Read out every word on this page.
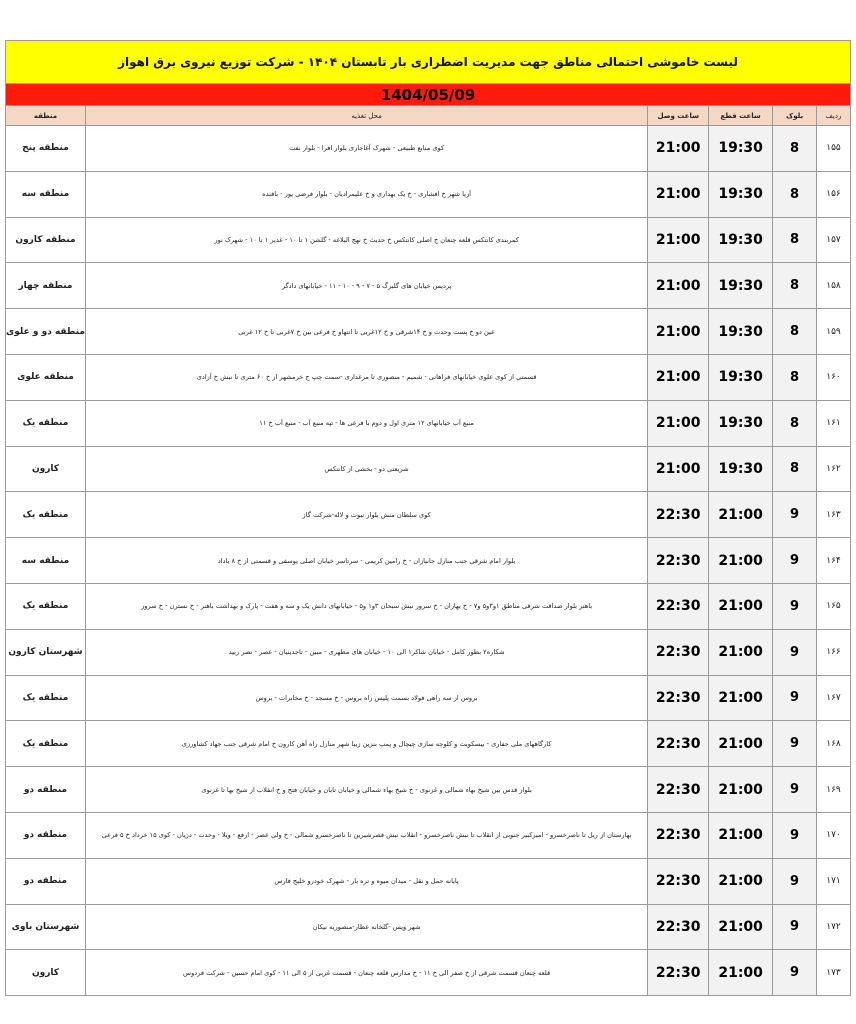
لیست خاموشی احتمالی مناطق جهت مدیریت اضطراری بار تابستان ۱۴۰۴ - شرکت توزیع نیروی برق اهواز
1404/05/09
ردیف
بلوک
ساعت قطع
ساعت وصل
محل تغذیه
منطقه
۱۵۵
8
19:30
21:00
کوی منابع طبیعی - شهرک آغاجاری بلوار افرا - بلوار نفت
منطقه پنج
۱۵۶
8
19:30
21:00
آریا شهر خ افشاری - خ یک بهداری و خ علیمرادیان - بلوار فرضی پور - بافنده
منطقه سه
۱۵۷
8
19:30
21:00
کمربندی کانتکس قلعه چنعان خ اصلی کانتکس خ حدیث خ نهج البلاغه - گلشن ۱ تا ۱۰ - غدیر ۱ تا ۱۰ - شهرک نور
منطقه کارون
۱۵۸
8
19:30
21:00
پردیس خیابان های گلبرگ ۵ - ۷ - ۹ - ۱۰ - ۱۱ - خیابانهای دادگر
منطقه چهار
۱۵۹
8
19:30
21:00
عین دو خ پست وحدت و خ ۱۴شرقی و خ ۱۲غربی تا انتهاو خ فرعی بین خ ۷غربی تا خ ۱۲ غربی
منطقه دو و علوی
۱۶۰
8
19:30
21:00
قسمتی از کوی علوی خیابانهای فراهانی - شمیم - منصوری تا مرغداری -سمت چپ ج خرمشهر از خ ۶۰ متری تا نبش خ آزادی
منطقه علوی
۱۶۱
8
19:30
21:00
منبع آب خیابانهای ۱۲ متری اول و دوم با فرعی ها - تپه منبع آب - منبع آب خ ۱۱
منطقه یک
۱۶۲
8
19:30
21:00
شریعتی دو - بخشی از کانتکس
کارون
۱۶۳
9
21:00
22:30
کوی سلطان منش بلوار نبوت و لاله-شرکت گاز
منطقه یک
۱۶۴
9
21:00
22:30
بلوار امام شرقی جنب منازل جانبازان - خ رامین کریمی - سرتاسر خیابان اصلی یوسفی و قسمتی از خ ۸ باداد
منطقه سه
۱۶۵
9
21:00
22:30
باهنر بلوار صداقت شرقی مناطق ۱و۳و۵ و۷ - خ بهاران - خ سرور نبش سبحان ۳و۱ و۵ - خیابانهای دانش یک و سه و هفت - پارک و بهداشت باهنر - خ نسترن - خ سرور
منطقه یک
۱۶۶
9
21:00
22:30
شکاره۲ بطور کامل - خیابان شاکر۱ الی ۱۰ - خیابان های مطهری - مبین - تاجدینیان - عصر - نصر زبید
شهرستان کارون
۱۶۷
9
21:00
22:30
بروس از سه راهی فولاد بسمت پلیس راه بروس - خ مسجد - خ مخابرات - بروس
منطقه یک
۱۶۸
9
21:00
22:30
کارگاههای ملی حفاری - بیسکویت و کلوچه سازی چیچال و پمپ بنزین زیبا شهر منازل راه آهن کارون خ امام شرقی جنب جهاد کشاورزی
منطقه یک
۱۶۹
9
21:00
22:30
بلوار قدس بین شیخ بهاء شمالی و غزنوی - خ شیخ بهاء شمالی و خیابان تابان و خیابان فتح و خ انقلاب از شیخ بها تا غزنوی
منطقه دو
۱۷۰
9
21:00
22:30
بهارستان از ریل تا ناصرخسرو - امیرکبیر جنوبی از انقلاب تا نبش ناصرخسرو - انقلاب نبش قصرشیرین تا ناصرخسرو شمالی - خ ولی عصر - ارفع - ویلا - وحدت - دزیان - کوی ۱۵ خرداد خ ۵ فرعی
منطقه دو
۱۷۱
9
21:00
22:30
پایانه حمل و نقل - میدان میوه و تره بار - شهرک خودرو خلیج فارس
منطقه دو
۱۷۲
9
21:00
22:30
شهر ویس -گلخانه عطار-منصوریه نیکان
شهرستان باوی
۱۷۳
9
21:00
22:30
قلعه چنعان قسمت شرقی از خ صفر الی خ ۱۱ - خ مدارس قلعه چنعان - قسمت غربی از ۵ الی ۱۱ - کوی امام حسین - شرکت فردوس
کارون
